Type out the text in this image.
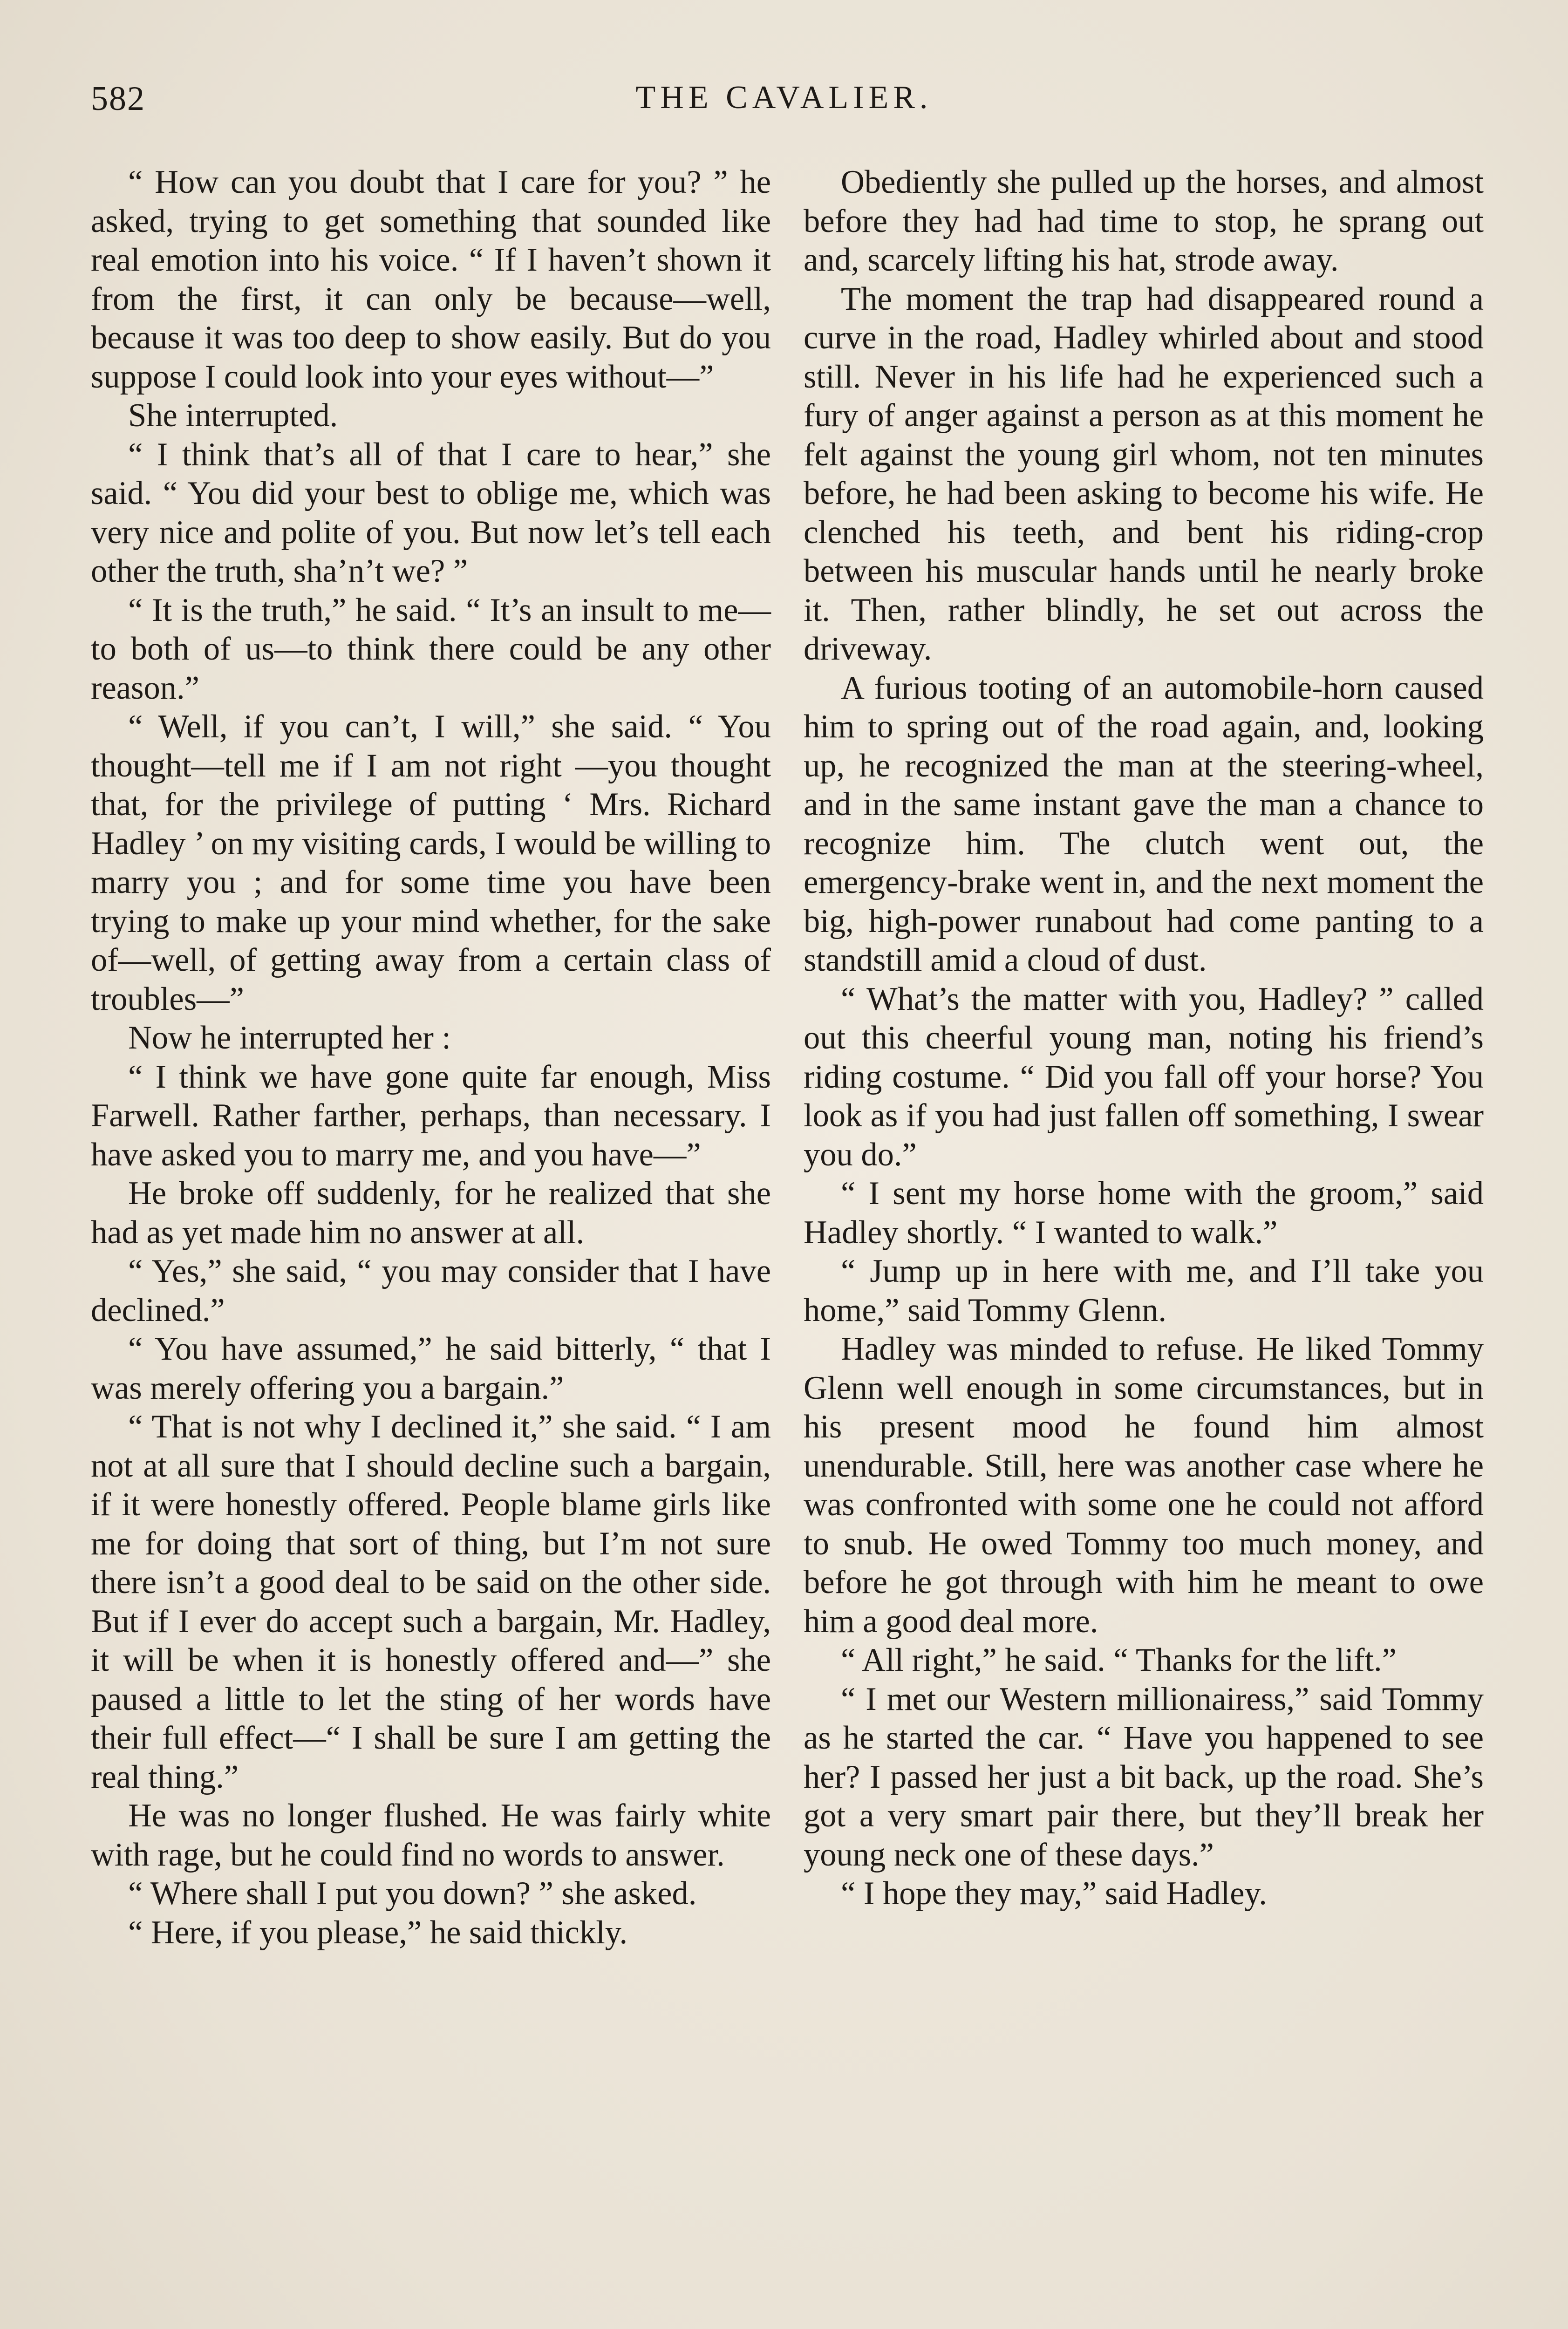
582	THE CAVALIER.

“ How can you doubt that I care for you? ” he asked, trying to get something that sounded like real emotion into his voice. “ If I haven’t shown it from the first, it can only be because—well, because it was too deep to show easily. But do you suppose I could look into your eyes without—”

She interrupted.

“ I think that’s all of that I care to hear,” she said. “ You did your best to oblige me, which was very nice and polite of you. But now let’s tell each other the truth, sha’n’t we? ”

“ It is the truth,” he said. “ It’s an insult to me—to both of us—to think there could be any other reason.”

“ Well, if you can’t, I will,” she said. “ You thought—tell me if I am not right —you thought that, for the privilege of putting ‘ Mrs. Richard Hadley ’ on my visiting cards, I would be willing to marry you ; and for some time you have been trying to make up your mind whether, for the sake of—well, of getting away from a certain class of troubles—”

Now he interrupted her :

“ I think we have gone quite far enough, Miss Farwell. Rather farther, perhaps, than necessary. I have asked you to marry me, and you have—”

He broke off suddenly, for he realized that she had as yet made him no answer at all.

“ Yes,” she said, “ you may consider that I have declined.”

“ You have assumed,” he said bitterly, “ that I was merely offering you a bargain.”

“ That is not why I declined it,” she said. “ I am not at all sure that I should decline such a bargain, if it were honestly offered. People blame girls like me for doing that sort of thing, but I’m not sure there isn’t a good deal to be said on the other side. But if I ever do accept such a bargain, Mr. Hadley, it will be when it is honestly offered and—” she paused a little to let the sting of her words have their full effect—“ I shall be sure I am getting the real thing.”

He was no longer flushed. He was fairly white with rage, but he could find no words to answer.

“ Where shall I put you down? ” she asked.

“ Here, if you please,” he said thickly.

Obediently she pulled up the horses, and almost before they had had time to stop, he sprang out and, scarcely lifting his hat, strode away.

The moment the trap had disappeared round a curve in the road, Hadley whirled about and stood still. Never in his life had he experienced such a fury of anger against a person as at this moment he felt against the young girl whom, not ten minutes before, he had been asking to become his wife. He clenched his teeth, and bent his riding-crop between his muscular hands until he nearly broke it. Then, rather blindly, he set out across the driveway.

A furious tooting of an automobile-horn caused him to spring out of the road again, and, looking up, he recognized the man at the steering-wheel, and in the same instant gave the man a chance to recognize him. The clutch went out, the emergency-brake went in, and the next moment the big, high-power runabout had come panting to a standstill amid a cloud of dust.

“ What’s the matter with you, Hadley? ” called out this cheerful young man, noting his friend’s riding costume. “ Did you fall off your horse? You look as if you had just fallen off something, I swear you do.”

“ I sent my horse home with the groom,” said Hadley shortly. “ I wanted to walk.”

“ Jump up in here with me, and I’ll take you home,” said Tommy Glenn.

Hadley was minded to refuse. He liked Tommy Glenn well enough in some circumstances, but in his present mood he found him almost unendurable. Still, here was another case where he was confronted with some one he could not afford to snub. He owed Tommy too much money, and before he got through with him he meant to owe him a good deal more.

“ All right,” he said. “ Thanks for the lift.”

“ I met our Western millionairess,” said Tommy as he started the car. “ Have you happened to see her? I passed her just a bit back, up the road. She’s got a very smart pair there, but they’ll break her young neck one of these days.”

“ I hope they may,” said Hadley.
